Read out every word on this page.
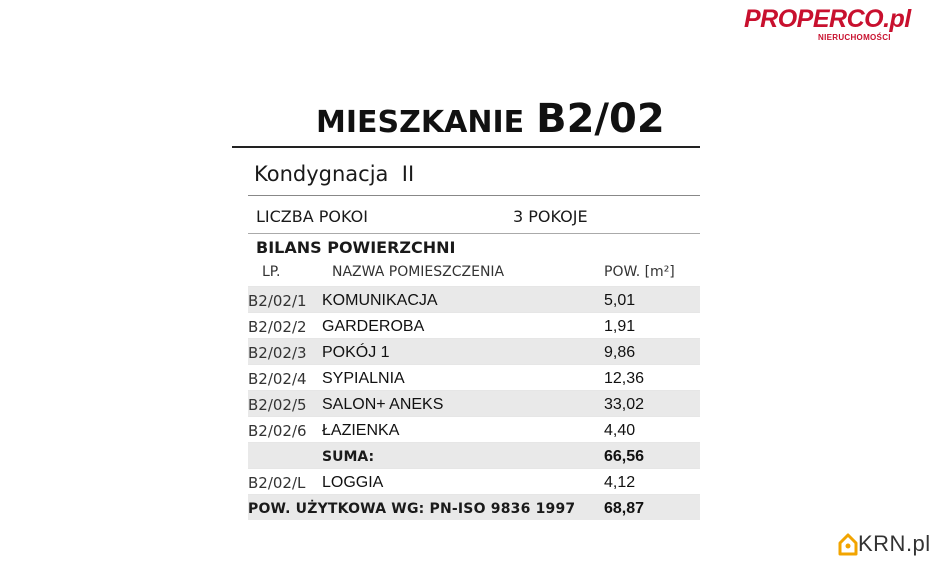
PROPERCO.pl
NIERUCHOMOŚCI
MIESZKANIE B2/02
Kondygnacja  II
LICZBA POKOI	3 POKOJE
BILANS POWIERZCHNI
LP.	NAZWA POMIESZCZENIA	POW. [m²]
B2/02/1 KOMUNIKACJA	5,01
B2/02/2 GARDEROBA	1,91
B2/02/3 POKÓJ 1	9,86
B2/02/4 SYPIALNIA	12,36
B2/02/5 SALON+ ANEKS	33,02
B2/02/6 ŁAZIENKA	4,40
SUMA:	66,56
B2/02/L LOGGIA	4,12
POW. UŻYTKOWA WG: PN-ISO 9836 1997 68,87
KRN.pl
